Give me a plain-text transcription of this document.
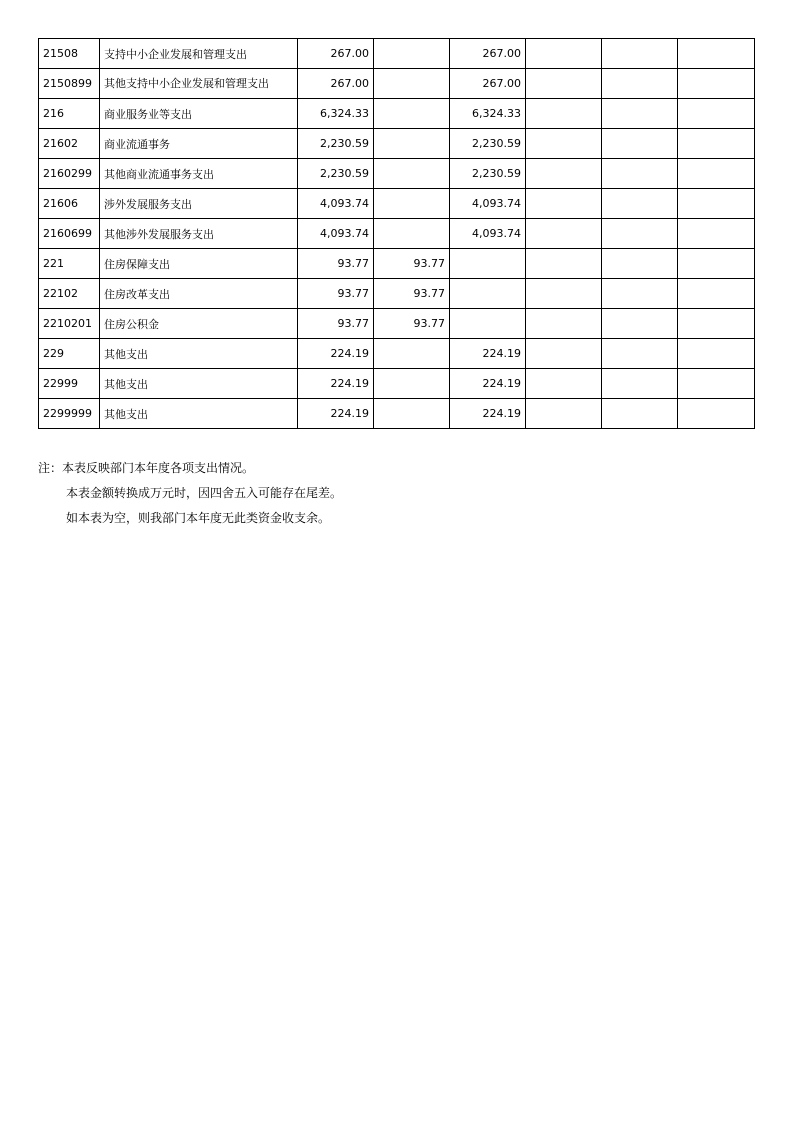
21508	支持中小企业发展和管理支出	267.00		267.00			
2150899	其他支持中小企业发展和管理支出	267.00		267.00			
216	商业服务业等支出	6,324.33		6,324.33			
21602	商业流通事务	2,230.59		2,230.59			
2160299	其他商业流通事务支出	2,230.59		2,230.59			
21606	涉外发展服务支出	4,093.74		4,093.74			
2160699	其他涉外发展服务支出	4,093.74		4,093.74			
221	住房保障支出	93.77	93.77				
22102	住房改革支出	93.77	93.77				
2210201	住房公积金	93.77	93.77				
229	其他支出	224.19		224.19			
22999	其他支出	224.19		224.19			
2299999	其他支出	224.19		224.19			
注：本表反映部门本年度各项支出情况。
本表金额转换成万元时，因四舍五入可能存在尾差。
如本表为空，则我部门本年度无此类资金收支余。
